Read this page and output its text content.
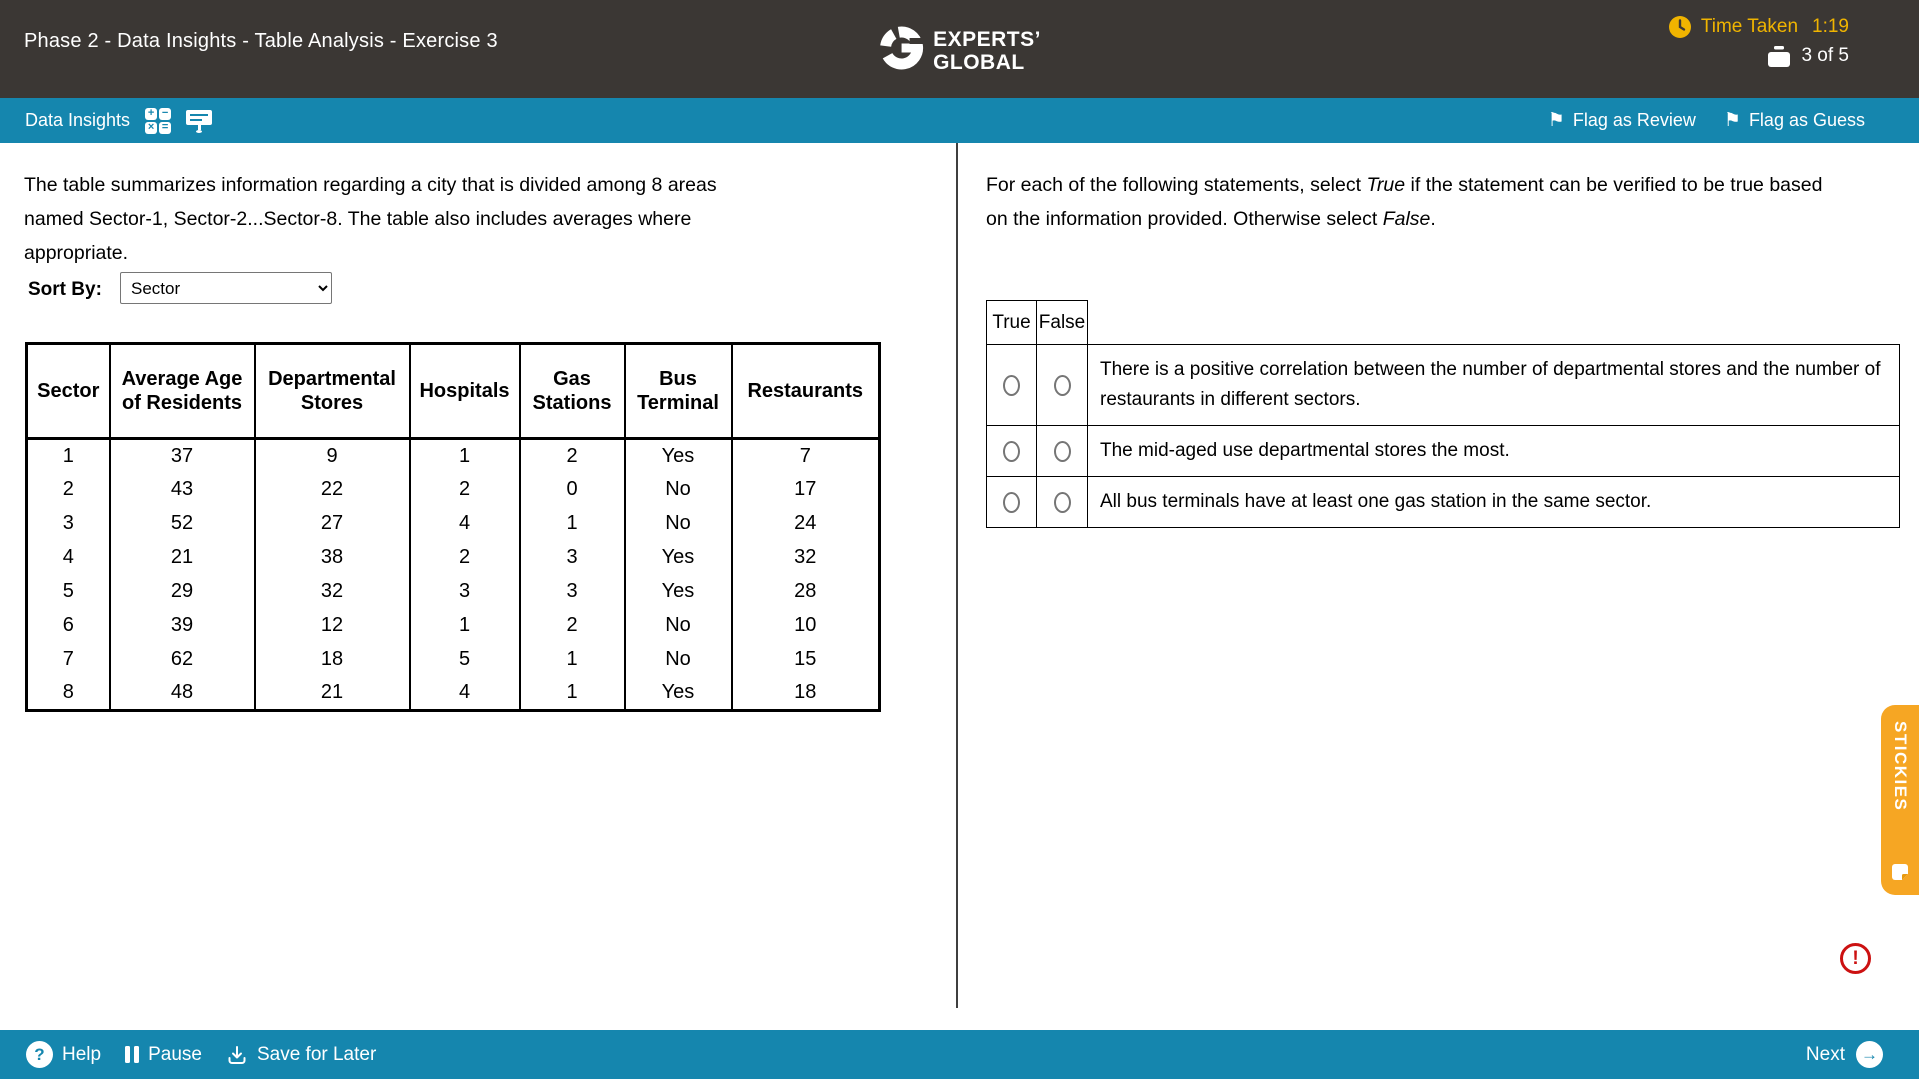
Phase 2 - Data Insights - Table Analysis - Exercise 3	EXPERTS’
GLOBAL
Time Taken 1:19
3 of 5
Data Insights + −
× =	⚑ Flag as Review ⚑ Flag as Guess
The table summarizes information regarding a city that is divided among 8 areas named Sector-1, Sector-2...Sector-8. The table also includes averages where appropriate.
Sort By:
Sector
Sector	Average Age of Residents	Departmental Stores	Hospitals	Gas Stations	Bus Terminal	Restaurants
1	37	9	1	2	Yes	7
2	43	22	2	0	No	17
3	52	27	4	1	No	24
4	21	38	2	3	Yes	32
5	29	32	3	3	Yes	28
6	39	12	1	2	No	10
7	62	18	5	1	No	15
8	48	21	4	1	Yes	18
For each of the following statements, select True if the statement can be verified to be true based on the information provided. Otherwise select False.
True	False	
		There is a positive correlation between the number of departmental stores and the number of restaurants in different sectors.
		The mid-aged use departmental stores the most.
		All bus terminals have at least one gas station in the same sector.
STICKIES
!
? Help Pause	Save for Later	Next →
